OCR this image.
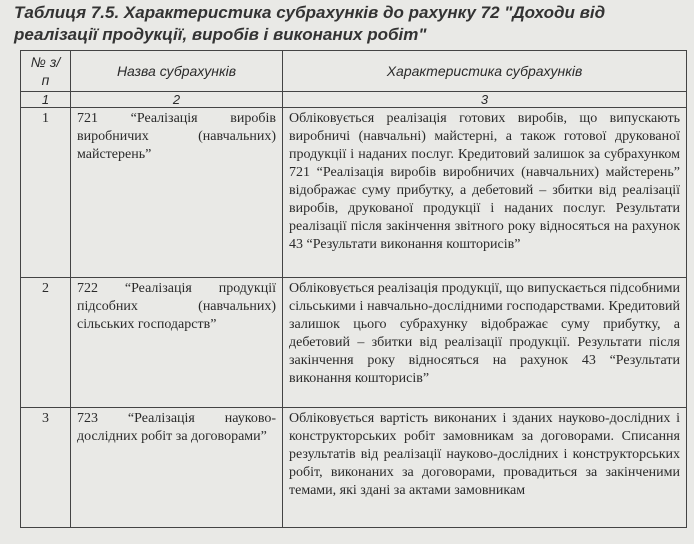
Таблиця 7.5. Характеристика субрахунків до рахунку 72 "Доходи від реалізації продукції, виробів і виконаних робіт"
№ з/п	Назва субрахунків	Характеристика субрахунків
1	2	3
1	721 “Реалізація виробів виробничих (навчальних) майстерень”	Обліковується реалізація готових виробів, що випускають виробничі (навчальні) майстерні, а також готової друкованої продукції і наданих послуг. Кредитовий залишок за субрахунком 721 “Реалізація виробів виробничих (навчальних) майстерень” відображає суму прибутку, а дебетовий – збитки від реалізації виробів, друкованої продукції і наданих послуг. Результати реалізації після закінчення звітного року відносяться на рахунок 43 “Результати виконання кошторисів”
2	722 “Реалізація продукції підсобних (навчальних) сільських господарств”	Обліковується реалізація продукції, що випускається підсобними сільськими і навчально-дослідними господарствами. Кредитовий залишок цього субрахунку відображає суму прибутку, а дебетовий – збитки від реалізації продукції. Результати після закінчення року відносяться на рахунок 43 “Результати виконання кошторисів”
3	723 “Реалізація науково-дослідних робіт за договорами”	Обліковується вартість виконаних і зданих науково-дослідних і конструкторських робіт замовникам за договорами. Списання результатів від реалізації науково-дослідних і конструкторських робіт, виконаних за договорами, провадиться за закінченими темами, які здані за актами замовникам
